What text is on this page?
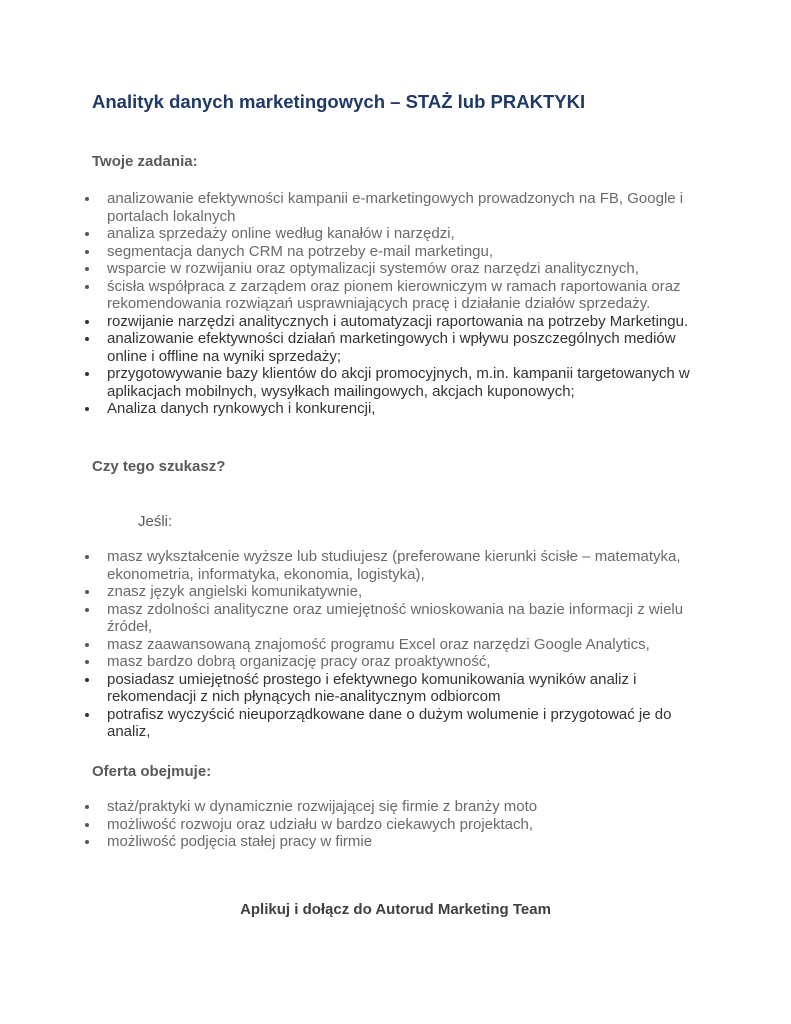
Analityk danych marketingowych – STAŻ lub PRAKTYKI
Twoje zadania:
analizowanie efektywności kampanii e-marketingowych prowadzonych na FB, Google i portalach lokalnych
analiza sprzedaży online według kanałów i narzędzi,
segmentacja danych CRM na potrzeby e-mail marketingu,
wsparcie w rozwijaniu oraz optymalizacji systemów oraz narzędzi analitycznych,
ścisła współpraca z zarządem oraz pionem kierowniczym w ramach raportowania oraz rekomendowania rozwiązań usprawniających pracę i działanie działów sprzedaży.
rozwijanie narzędzi analitycznych i automatyzacji raportowania na potrzeby Marketingu.
analizowanie efektywności działań marketingowych i wpływu poszczególnych mediów online i offline na wyniki sprzedaży;
przygotowywanie bazy klientów do akcji promocyjnych, m.in. kampanii targetowanych w aplikacjach mobilnych, wysyłkach mailingowych, akcjach kuponowych;
Analiza danych rynkowych i konkurencji,
Czy tego szukasz?

Jeśli:

masz wykształcenie wyższe lub studiujesz (preferowane kierunki ścisłe – matematyka, ekonometria, informatyka, ekonomia, logistyka),
znasz język angielski komunikatywnie,
masz zdolności analityczne oraz umiejętność wnioskowania na bazie informacji z wielu źródeł,
masz zaawansowaną znajomość programu Excel oraz narzędzi Google Analytics,
masz bardzo dobrą organizację pracy oraz proaktywność,
posiadasz umiejętność prostego i efektywnego komunikowania wyników analiz i rekomendacji z nich płynących nie-analitycznym odbiorcom
potrafisz wyczyścić nieuporządkowane dane o dużym wolumenie i przygotować je do analiz,
Oferta obejmuje:
staż/praktyki w dynamicznie rozwijającej się firmie z branży moto
możliwość rozwoju oraz udziału w bardzo ciekawych projektach,
możliwość podjęcia stałej pracy w firmie

Aplikuj i dołącz do Autorud Marketing Team
